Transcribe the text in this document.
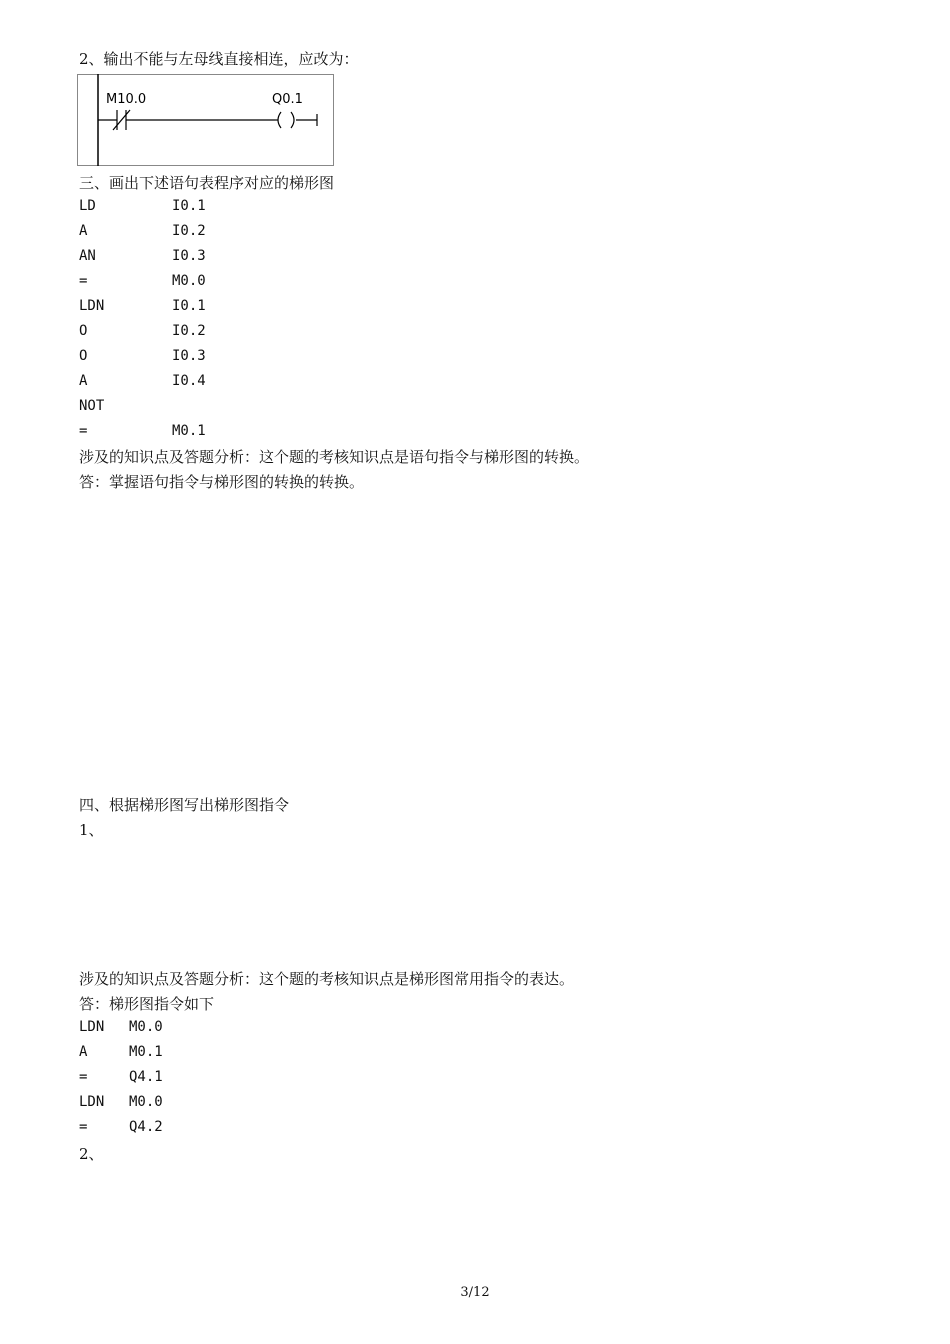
2、输出不能与左母线直接相连，应改为：
M10.0	Q0.1
三、画出下述语句表程序对应的梯形图
LD	I0.1
A	I0.2
AN	I0.3
=	M0.0
LDN	I0.1
O	I0.2
O	I0.3
A	I0.4
NOT
=	M0.1
涉及的知识点及答题分析：这个题的考核知识点是语句指令与梯形图的转换。
答：掌握语句指令与梯形图的转换的转换。
四、根据梯形图写出梯形图指令
1、
涉及的知识点及答题分析：这个题的考核知识点是梯形图常用指令的表达。
答：梯形图指令如下
LDN M0.0
A	M0.1
=	Q4.1
LDN M0.0
=	Q4.2
2、
3/12
